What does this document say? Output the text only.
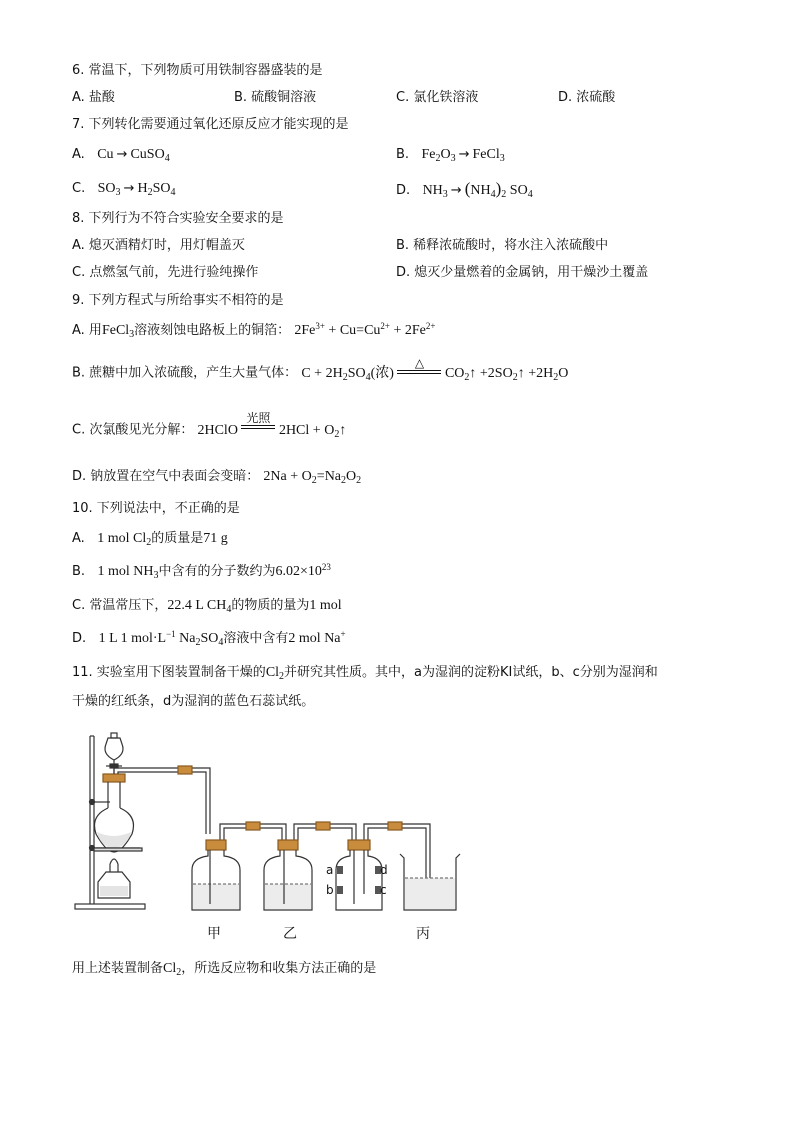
6. 常温下，下列物质可用铁制容器盛装的是
A. 盐酸	B. 硫酸铜溶液	C. 氯化铁溶液	D. 浓硫酸
7. 下列转化需要通过氧化还原反应才能实现的是
A. Cu → CuSO$_4$	B. $Fe_2O_3$ → FeCl$_3$
C. $SO_3 \to H_2SO_4$	D. $NH_3 \to (NH_4)_2$ $SO_4$
8. 下列行为不符合实验安全要求的是
A. 熄灭酒精灯时，用灯帽盖灭	B. 稀释浓硫酸时，将水注入浓硫酸中
C. 点燃氢气前，先进行验纯操作	D. 熄灭少量燃着的金属钠，用干燥沙土覆盖
9. 下列方程式与所给事实不相符的是
A. 用FeCl$_3$溶液刻蚀电路板上的铜箔： $2Fe^{3+} + Cu=Cu^{2+} + 2Fe^{2+}$
B. 蔗糖中加入浓硫酸，产生大量气体： $C + 2H_2SO_4$(浓)
△
$CO_2↑$ $+2SO_2↑ +2H_2O$
C. 次氯酸见光分解： 2HClO
光照
$2HCl + O_2↑$
D. 钠放置在空气中表面会变暗： $2Na + O_2=Na_2O_2$
10. 下列说法中，不正确的是
A. 1 mol $Cl_2$的质量是71 g
B. 1 mol $NH_3$中含有的分子数约为$6.02\times 10^{23}$
C. 常温常压下，22.4 L $CH_4$的物质的量为1 mol
D. 1 L 1 $mol\cdot L^{-1}$ $Na_2SO_4$溶液中含有2 mol Na+
11. 实验室用下图装置制备干燥的$Cl_2$并研究其性质。其中，a为湿润的淀粉KI试纸，b、c分别为湿润和
干燥的红纸条，d为湿润的蓝色石蕊试纸。
甲	乙	丙
a
b
d
c
用上述装置制备$Cl_2$，所选反应物和收集方法正确的是
